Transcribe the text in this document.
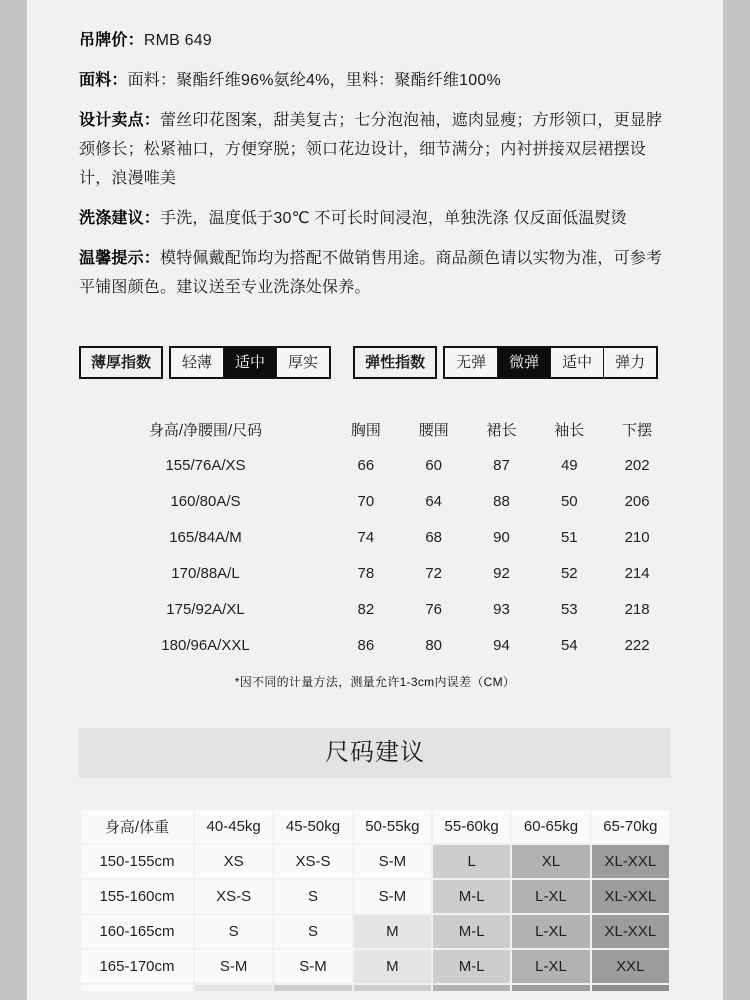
吊牌价：RMB 649

面料：面料：聚酯纤维96%氨纶4%，里料：聚酯纤维100%

设计卖点：蕾丝印花图案，甜美复古；七分泡泡袖，遮肉显瘦；方形领口，更显脖颈修长；松紧袖口，方便穿脱；领口花边设计，细节满分；内衬拼接双层裙摆设计，浪漫唯美

洗涤建议：手洗，温度低于30℃ 不可长时间浸泡，单独洗涤 仅反面低温熨烫

温馨提示：模特佩戴配饰均为搭配不做销售用途。商品颜色请以实物为准，可参考平铺图颜色。建议送至专业洗涤处保养。

薄厚指数	轻薄	适中	厚实	弹性指数	无弹	微弹	适中	弹力
身高/净腰围/尺码	胸围	腰围	裙长	袖长	下摆
155/76A/XS	66	60	87	49	202
160/80A/S	70	64	88	50	206
165/84A/M	74	68	90	51	210
170/88A/L	78	72	92	52	214
175/92A/XL	82	76	93	53	218
180/96A/XXL	86	80	94	54	222
*因不同的计量方法，测量允许1-3cm内误差（CM）
尺码建议
身高/体重	40-45kg	45-50kg	50-55kg	55-60kg	60-65kg	65-70kg
150-155cm	XS	XS-S	S-M	L	XL	XL-XXL
155-160cm	XS-S	S	S-M	M-L	L-XL	XL-XXL
160-165cm	S	S	M	M-L	L-XL	XL-XXL
165-170cm	S-M	S-M	M	M-L	L-XL	XXL
